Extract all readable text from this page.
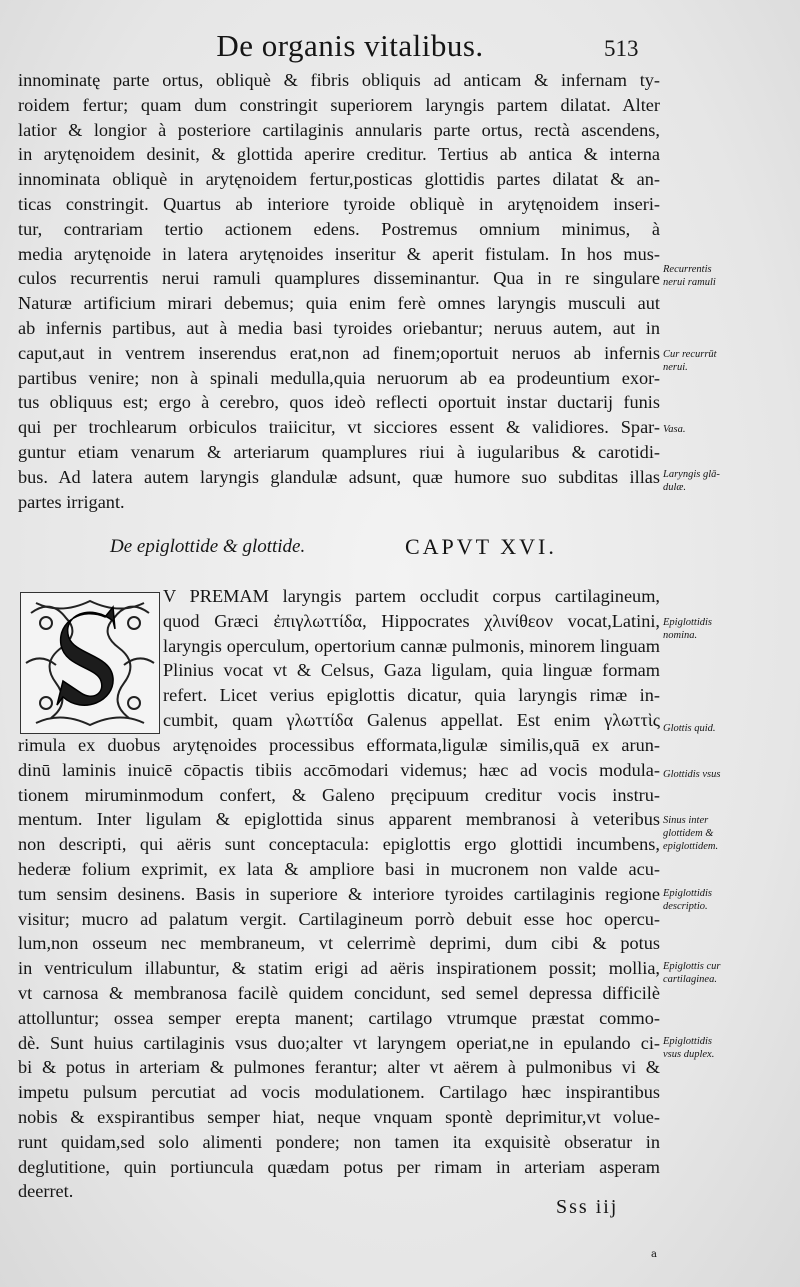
De organis vitalibus.	513
innominatę parte ortus, obliquè & fibris obliquis ad anticam & infernam ty-
roidem fertur; quam dum constringit superiorem laryngis partem dilatat. Alter
latior & longior à posteriore cartilaginis annularis parte ortus, rectà ascendens,
in arytęnoidem desinit, & glottida aperire creditur. Tertius ab antica & interna
innominata obliquè in arytęnoidem fertur,posticas glottidis partes dilatat & an-
ticas constringit. Quartus ab interiore tyroide obliquè in arytęnoidem inseri-
tur, contrariam tertio actionem edens. Postremus omnium minimus, à
media arytęnoide in latera arytęnoides inseritur & aperit fistulam. In hos mus-
culos recurrentis nerui ramuli quamplures disseminantur. Qua in re singulare
Naturæ artificium mirari debemus; quia enim ferè omnes laryngis musculi aut
ab infernis partibus, aut à media basi tyroides oriebantur; neruus autem, aut in
caput,aut in ventrem inserendus erat,non ad finem;oportuit neruos ab infernis
partibus venire; non à spinali medulla,quia neruorum ab ea prodeuntium exor-
tus obliquus est; ergo à cerebro, quos ideò reflecti oportuit instar ductarij funis
qui per trochlearum orbiculos traiicitur, vt sicciores essent & validiores. Spar-
guntur etiam venarum & arteriarum quamplures riui à iugularibus & carotidi-
bus. Ad latera autem laryngis glandulæ adsunt, quæ humore suo subditas illas
partes irrigant.
De epiglottide & glottide.	CAPVT XVI.
V PREMAM laryngis partem occludit corpus cartilagineum,
quod Græci ἐπιγλωττίδα, Hippocrates χλινίθεον vocat,Latini,
laryngis operculum, opertorium cannæ pulmonis, minorem linguam
Plinius vocat vt & Celsus, Gaza ligulam, quia linguæ formam
refert. Licet verius epiglottis dicatur, quia laryngis rimæ in-
cumbit, quam γλωττίδα Galenus appellat. Est enim γλωττὶς
rimula ex duobus arytęnoides processibus efformata,ligulæ similis,quā ex arun-
dinū laminis inuicē cōpactis tibiis accōmodari videmus; hæc ad vocis modula-
tionem miruminmodum confert, & Galeno pręcipuum creditur vocis instru-
mentum. Inter ligulam & epiglottida sinus apparent membranosi à veteribus
non descripti, qui aëris sunt conceptacula: epiglottis ergo glottidi incumbens,
hederæ folium exprimit, ex lata & ampliore basi in mucronem non valde acu-
tum sensim desinens. Basis in superiore & interiore tyroides cartilaginis regione
visitur; mucro ad palatum vergit. Cartilagineum porrò debuit esse hoc opercu-
lum,non osseum nec membraneum, vt celerrimè deprimi, dum cibi & potus
in ventriculum illabuntur, & statim erigi ad aëris inspirationem possit; mollia,
vt carnosa & membranosa facilè quidem concidunt, sed semel depressa difficilè
attolluntur; ossea semper erepta manent; cartilago vtrumque præstat commo-
dè. Sunt huius cartilaginis vsus duo;alter vt laryngem operiat,ne in epulando ci-
bi & potus in arteriam & pulmones ferantur; alter vt aërem à pulmonibus vi &
impetu pulsum percutiat ad vocis modulationem. Cartilago hæc inspirantibus
nobis & exspirantibus semper hiat, neque vnquam spontè deprimitur,vt volue-
runt quidam,sed solo alimenti pondere; non tamen ita exquisitè obseratur in
deglutitione, quin portiuncula quædam potus per rimam in arteriam asperam
deerret.
Recurrentis
nerui ramuli
Cur recurrūt
nerui.
Vasa.
Laryngis glā-
dulæ.
Epiglottidis
nomina.
Glottis quid.
Glottidis vsus
Sinus inter
glottidem &
epiglottidem.
Epiglottidis
descriptio.
Epiglottis cur
cartilaginea.
Epiglottidis
vsus duplex.
Sss iij
a
